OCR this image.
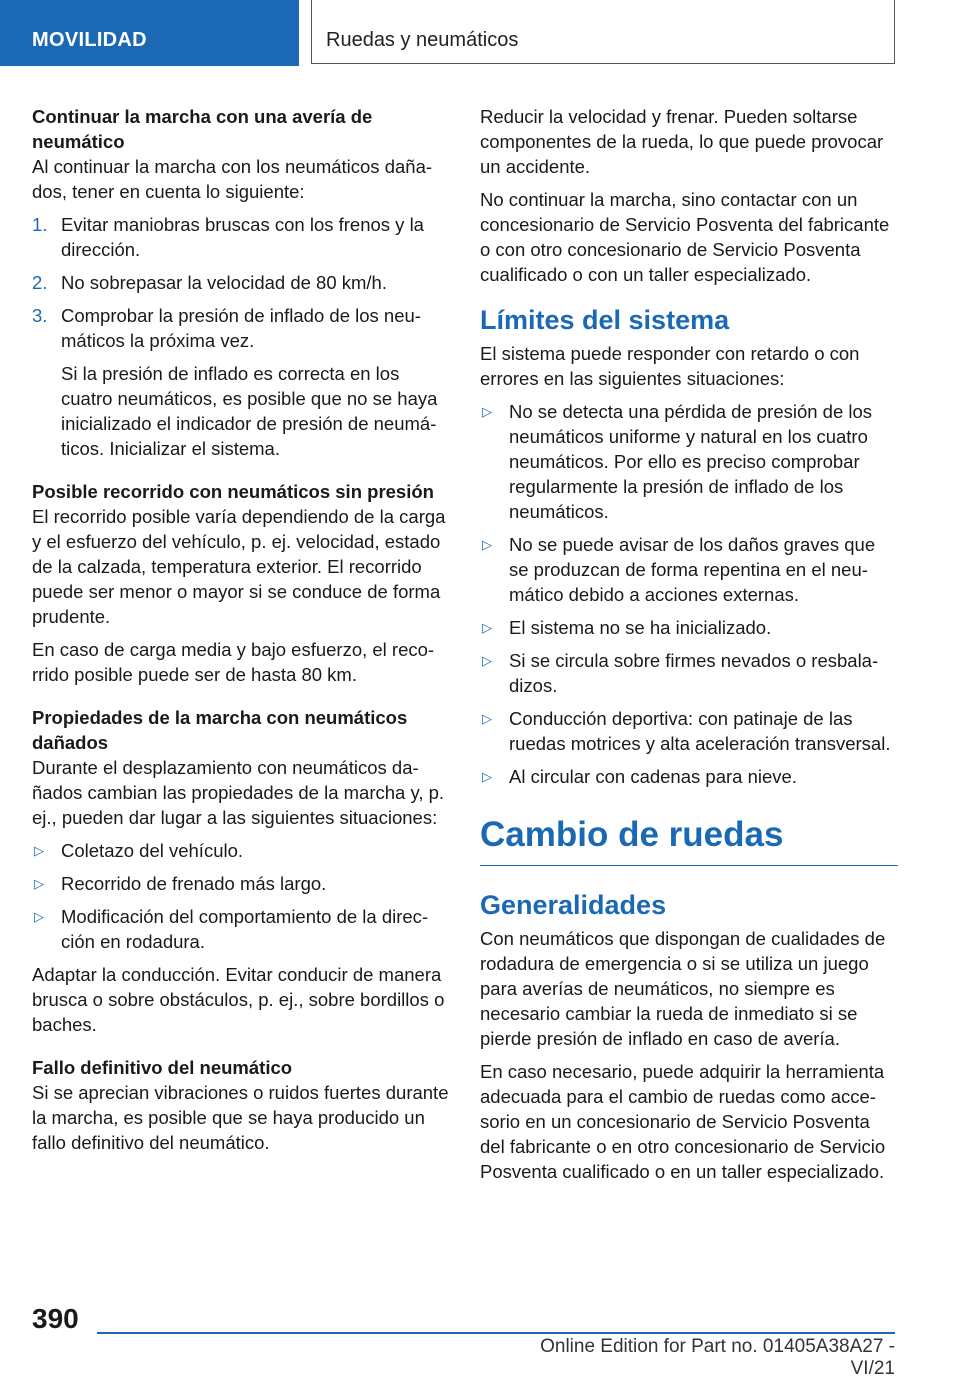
MOVILIDAD	Ruedas y neumáticos

Continuar la marcha con una avería de neumático

Al continuar la marcha con los neumáticos dañados, tener en cuenta lo siguiente:

1. Evitar maniobras bruscas con los frenos y la dirección.
2. No sobrepasar la velocidad de 80 km/h.
3. Comprobar la presión de inflado de los neumáticos la próxima vez.
Si la presión de inflado es correcta en los cuatro neumáticos, es posible que no se haya inicializado el indicador de presión de neumáticos. Inicializar el sistema.

Posible recorrido con neumáticos sin presión

El recorrido posible varía dependiendo de la carga y el esfuerzo del vehículo, p. ej. velocidad, estado de la calzada, temperatura exterior. El recorrido puede ser menor o mayor si se conduce de forma prudente.

En caso de carga media y bajo esfuerzo, el recorrido posible puede ser de hasta 80 km.

Propiedades de la marcha con neumáticos dañados

Durante el desplazamiento con neumáticos dañados cambian las propiedades de la marcha y, p. ej., pueden dar lugar a las siguientes situaciones:

▷ Coletazo del vehículo.
▷ Recorrido de frenado más largo.
▷ Modificación del comportamiento de la dirección en rodadura.

Adaptar la conducción. Evitar conducir de manera brusca o sobre obstáculos, p. ej., sobre bordillos o baches.

Fallo definitivo del neumático

Si se aprecian vibraciones o ruidos fuertes durante la marcha, es posible que se haya producido un fallo definitivo del neumático.

Reducir la velocidad y frenar. Pueden soltarse componentes de la rueda, lo que puede provocar un accidente.

No continuar la marcha, sino contactar con un concesionario de Servicio Posventa del fabricante o con otro concesionario de Servicio Posventa cualificado o con un taller especializado.

Límites del sistema

El sistema puede responder con retardo o con errores en las siguientes situaciones:

▷ No se detecta una pérdida de presión de los neumáticos uniforme y natural en los cuatro neumáticos. Por ello es preciso comprobar regularmente la presión de inflado de los neumáticos.
▷ No se puede avisar de los daños graves que se produzcan de forma repentina en el neumático debido a acciones externas.
▷ El sistema no se ha inicializado.
▷ Si se circula sobre firmes nevados o resbaladizos.
▷ Conducción deportiva: con patinaje de las ruedas motrices y alta aceleración transversal.
▷ Al circular con cadenas para nieve.
Cambio de ruedas
Generalidades

Con neumáticos que dispongan de cualidades de rodadura de emergencia o si se utiliza un juego para averías de neumáticos, no siempre es necesario cambiar la rueda de inmediato si se pierde presión de inflado en caso de avería.

En caso necesario, puede adquirir la herramienta adecuada para el cambio de ruedas como accesorio en un concesionario de Servicio Posventa del fabricante o en otro concesionario de Servicio Posventa cualificado o en un taller especializado.

390
Online Edition for Part no. 01405A38A27 - VI/21
